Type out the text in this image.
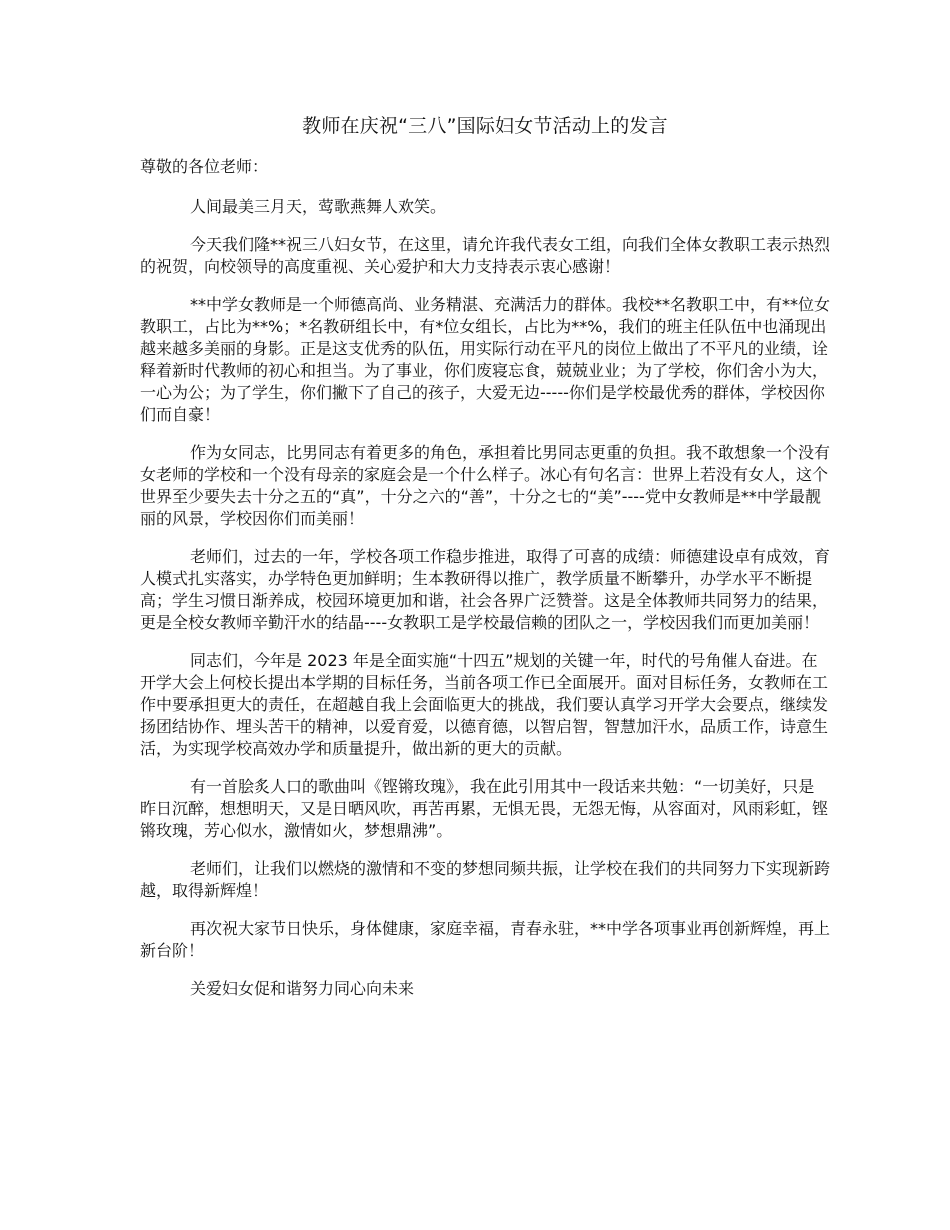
教师在庆祝“三八”国际妇女节活动上的发言

尊敬的各位老师：

人间最美三月天，莺歌燕舞人欢笑。

今天我们隆**祝三八妇女节，在这里，请允许我代表女工组，向我们全体女教职工表示热烈的祝贺，向校领导的高度重视、关心爱护和大力支持表示衷心感谢！

**中学女教师是一个师德高尚、业务精湛、充满活力的群体。我校**名教职工中，有**位女教职工，占比为**%；*名教研组长中，有*位女组长，占比为**%，我们的班主任队伍中也涌现出越来越多美丽的身影。正是这支优秀的队伍，用实际行动在平凡的岗位上做出了不平凡的业绩，诠释着新时代教师的初心和担当。为了事业，你们废寝忘食，兢兢业业；为了学校，你们舍小为大，一心为公；为了学生，你们撇下了自己的孩子，大爱无边-----你们是学校最优秀的群体，学校因你们而自豪！

作为女同志，比男同志有着更多的角色，承担着比男同志更重的负担。我不敢想象一个没有女老师的学校和一个没有母亲的家庭会是一个什么样子。冰心有句名言：世界上若没有女人，这个世界至少要失去十分之五的“真”，十分之六的“善”，十分之七的“美”----党中女教师是**中学最靓丽的风景，学校因你们而美丽！

老师们，过去的一年，学校各项工作稳步推进，取得了可喜的成绩：师德建设卓有成效，育人模式扎实落实，办学特色更加鲜明；生本教研得以推广，教学质量不断攀升，办学水平不断提高；学生习惯日渐养成，校园环境更加和谐，社会各界广泛赞誉。这是全体教师共同努力的结果，更是全校女教师辛勤汗水的结晶----女教职工是学校最信赖的团队之一，学校因我们而更加美丽！

同志们，今年是 2023 年是全面实施“十四五”规划的关键一年，时代的号角催人奋进。在开学大会上何校长提出本学期的目标任务，当前各项工作已全面展开。面对目标任务，女教师在工作中要承担更大的责任，在超越自我上会面临更大的挑战，我们要认真学习开学大会要点，继续发扬团结协作、埋头苦干的精神，以爱育爱，以德育德，以智启智，智慧加汗水，品质工作，诗意生活，为实现学校高效办学和质量提升，做出新的更大的贡献。

有一首脍炙人口的歌曲叫《铿锵玫瑰》，我在此引用其中一段话来共勉：“一切美好，只是昨日沉醉，想想明天，又是日晒风吹，再苦再累，无惧无畏，无怨无悔，从容面对，风雨彩虹，铿锵玫瑰，芳心似水，激情如火，梦想鼎沸”。

老师们，让我们以燃烧的激情和不变的梦想同频共振，让学校在我们的共同努力下实现新跨越，取得新辉煌！

再次祝大家节日快乐，身体健康，家庭幸福，青春永驻，**中学各项事业再创新辉煌，再上新台阶！

关爱妇女促和谐努力同心向未来
